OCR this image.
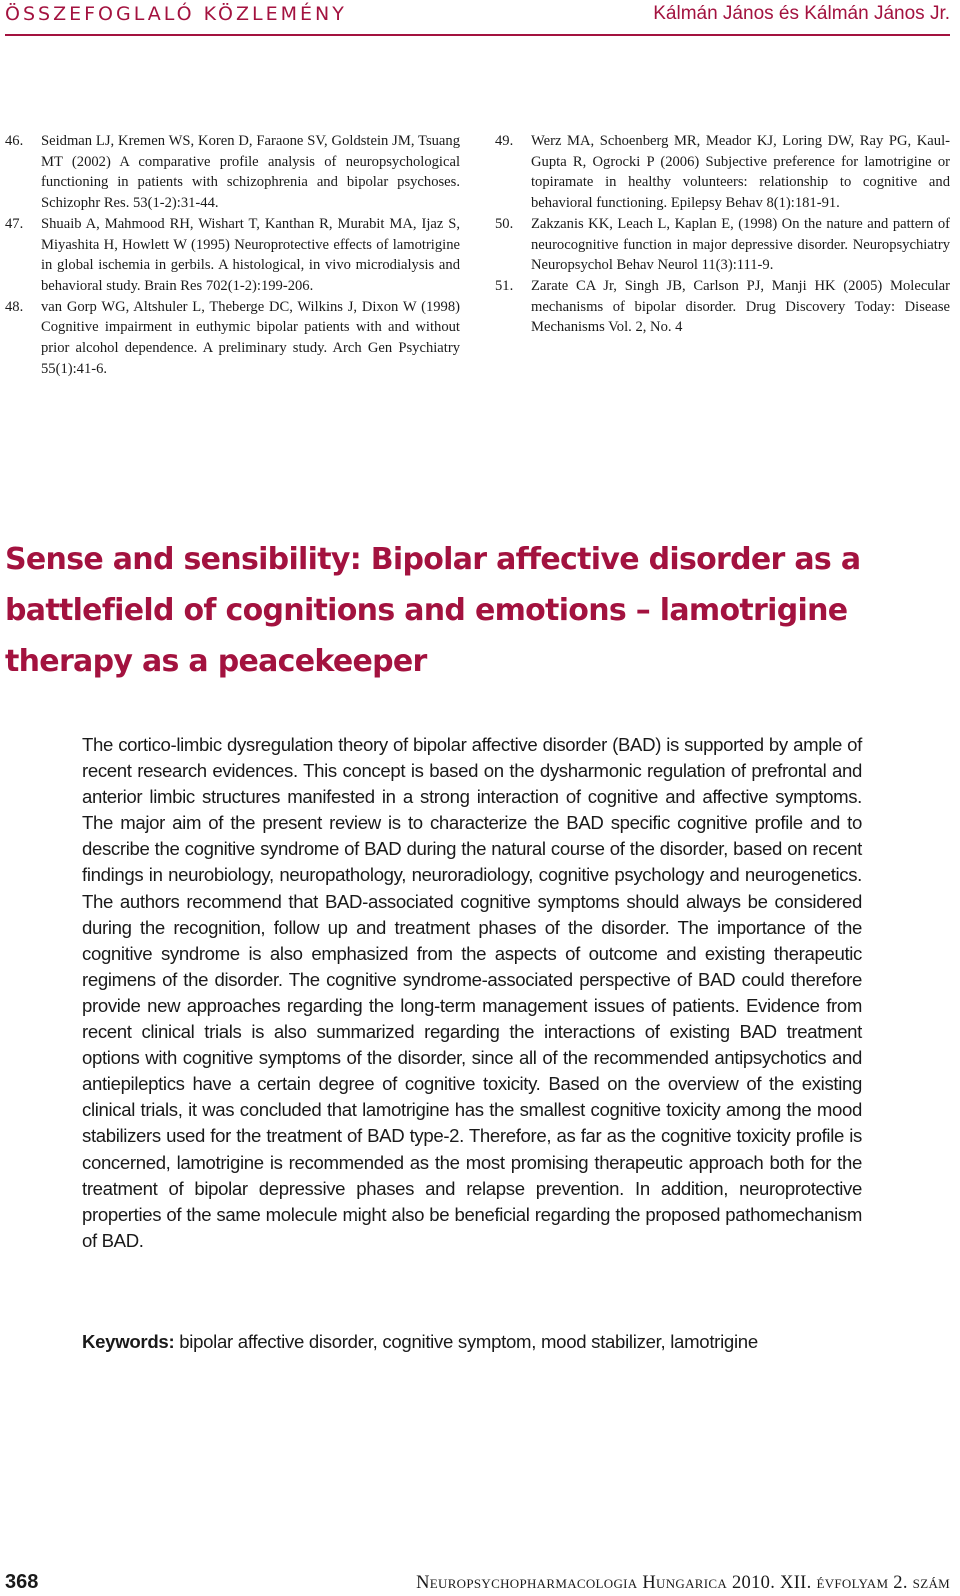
ÖSSZEFOGLALÓ KÖZLEMÉNY	Kálmán János és Kálmán János Jr.
46.	Seidman LJ, Kremen WS, Koren D, Faraone SV, Goldstein JM, Tsuang MT (2002) A comparative profile analysis of neuropsychological functioning in patients with schizophrenia and bipolar psychoses. Schizophr Res. 53(1-2):31-44.
47.	Shuaib A, Mahmood RH, Wishart T, Kanthan R, Murabit MA, Ijaz S, Miyashita H, Howlett W (1995) Neuroprotective effects of lamotrigine in global ischemia in gerbils. A histological, in vivo microdialysis and behavioral study. Brain Res 702(1-2):199-206.
48.	van Gorp WG, Altshuler L, Theberge DC, Wilkins J, Dixon W (1998) Cognitive impairment in euthymic bipolar patients with and without prior alcohol dependence. A preliminary study. Arch Gen Psychiatry 55(1):41-6.
49.	Werz MA, Schoenberg MR, Meador KJ, Loring DW, Ray PG, Kaul-Gupta R, Ogrocki P (2006) Subjective preference for lamotrigine or topiramate in healthy volunteers: relationship to cognitive and behavioral functioning. Epilepsy Behav 8(1):181-91.
50.	Zakzanis KK, Leach L, Kaplan E, (1998) On the nature and pattern of neurocognitive function in major depressive disorder. Neuropsychiatry Neuropsychol Behav Neurol 11(3):111-9.
51.	Zarate CA Jr, Singh JB, Carlson PJ, Manji HK (2005) Molecular mechanisms of bipolar disorder. Drug Discovery Today: Disease Mechanisms Vol. 2, No. 4
Sense and sensibility: Bipolar affective disorder as a battlefield of cognitions and emotions – lamotrigine therapy as a peacekeeper

The cortico-limbic dysregulation theory of bipolar affective disorder (BAD) is supported by ample of recent research evidences. This concept is based on the dysharmonic regulation of prefrontal and anterior limbic structures manifested in a strong interaction of cognitive and affective symptoms. The major aim of the present review is to characterize the BAD specific cognitive profile and to describe the cognitive syndrome of BAD during the natural course of the disorder, based on recent findings in neurobiology, neuropathology, neuroradiology, cognitive psychology and neurogenetics. The authors recommend that BAD-associated cognitive symptoms should always be considered during the recognition, follow up and treatment phases of the disorder. The importance of the cognitive syndrome is also emphasized from the aspects of outcome and existing therapeutic regimens of the disorder. The cognitive syndrome-associated perspective of BAD could therefore provide new approaches regarding the long-term management issues of patients. Evidence from recent clinical trials is also summarized regarding the interactions of existing BAD treatment options with cognitive symptoms of the disorder, since all of the recommended antipsychotics and antiepileptics have a certain degree of cognitive toxicity. Based on the overview of the existing clinical trials, it was concluded that lamotrigine has the smallest cognitive toxicity among the mood stabilizers used for the treatment of BAD type-2. Therefore, as far as the cognitive toxicity profile is concerned, lamotrigine is recommended as the most promising therapeutic approach both for the treatment of bipolar depressive phases and relapse prevention. In addition, neuroprotective properties of the same molecule might also be beneficial regarding the proposed pathomechanism of BAD.

Keywords: bipolar affective disorder, cognitive symptom, mood stabilizer, lamotrigine
368	Neuropsychopharmacologia Hungarica 2010. XII. évfolyam 2. szám
